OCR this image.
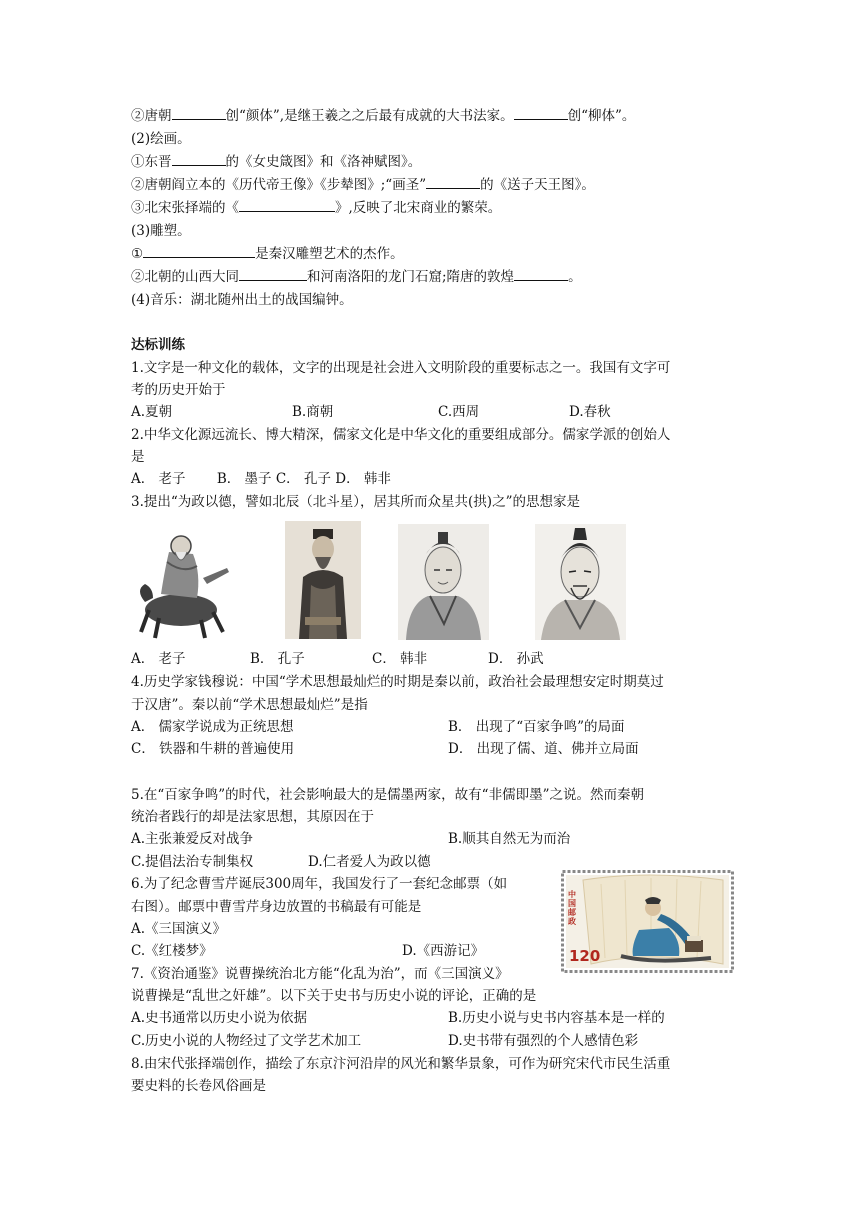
②唐朝	创“颜体”,是继王羲之之后最有成就的大书法家。	创“柳体”。
(2)绘画。
①东晋	的《女史箴图》和《洛神赋图》。
②唐朝阎立本的《历代帝王像》《步辇图》;“画圣”	的《送子天王图》。
③北宋张择端的《	》,反映了北宋商业的繁荣。
(3)雕塑。
①	是秦汉雕塑艺术的杰作。
②北朝的山西大同	和河南洛阳的龙门石窟;隋唐的敦煌	。
(4)音乐：湖北随州出土的战国编钟。
达标训练
1.文字是一种文化的载体，文字的出现是社会进入文明阶段的重要标志之一。我国有文字可
考的历史开始于
A.夏朝	B.商朝	C.西周	D.春秋
2.中华文化源远流长、博大精深，儒家文化是中华文化的重要组成部分。儒家学派的创始人
是
A． 老子　　 B． 墨子 C． 孔子 D． 韩非
3.提出“为政以德，譬如北辰（北斗星），居其所而众星共(拱)之”的思想家是
A． 老子	B． 孔子	C． 韩非	D． 孙武
4.历史学家钱穆说：中国“学术思想最灿烂的时期是秦以前，政治社会最理想安定时期莫过
于汉唐”。秦以前“学术思想最灿烂”是指
A． 儒家学说成为正统思想	B． 出现了“百家争鸣”的局面
C． 铁器和牛耕的普遍使用	D． 出现了儒、道、佛并立局面
5.在“百家争鸣”的时代，社会影响最大的是儒墨两家，故有“非儒即墨”之说。然而秦朝
统治者践行的却是法家思想，其原因在于
A.主张兼爱反对战争	B.顺其自然无为而治
C.提倡法治专制集权	D.仁者爱人为政以德
6.为了纪念曹雪芹诞辰300周年，我国发行了一套纪念邮票（如
右图）。邮票中曹雪芹身边放置的书稿最有可能是
A.《三国演义》
C.《红楼梦》	D.《西游记》
中国邮政
120
7.《资治通鉴》说曹操统治北方能“化乱为治”，而《三国演义》
说曹操是“乱世之奸雄”。以下关于史书与历史小说的评论，正确的是
A.史书通常以历史小说为依据	B.历史小说与史书内容基本是一样的
C.历史小说的人物经过了文学艺术加工	D.史书带有强烈的个人感情色彩
8.由宋代张择端创作，描绘了东京汴河沿岸的风光和繁华景象，可作为研究宋代市民生活重
要史料的长卷风俗画是
